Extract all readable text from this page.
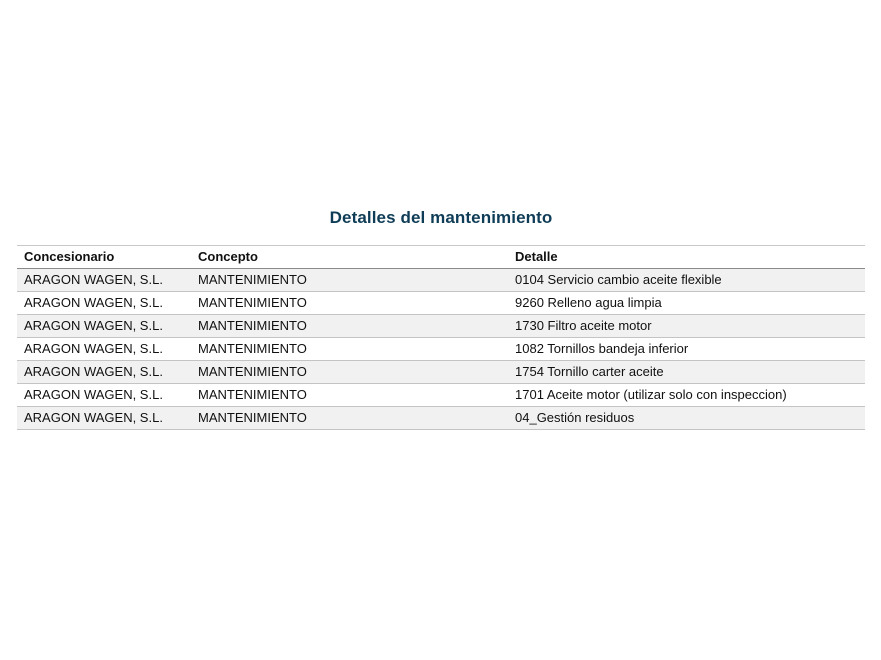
Detalles del mantenimiento
Concesionario	Concepto	Detalle
ARAGON WAGEN, S.L.	MANTENIMIENTO	0104 Servicio cambio aceite flexible
ARAGON WAGEN, S.L.	MANTENIMIENTO	9260 Relleno agua limpia
ARAGON WAGEN, S.L.	MANTENIMIENTO	1730 Filtro aceite motor
ARAGON WAGEN, S.L.	MANTENIMIENTO	1082 Tornillos bandeja inferior
ARAGON WAGEN, S.L.	MANTENIMIENTO	1754 Tornillo carter aceite
ARAGON WAGEN, S.L.	MANTENIMIENTO	1701 Aceite motor (utilizar solo con inspeccion)
ARAGON WAGEN, S.L.	MANTENIMIENTO	04_Gestión residuos
